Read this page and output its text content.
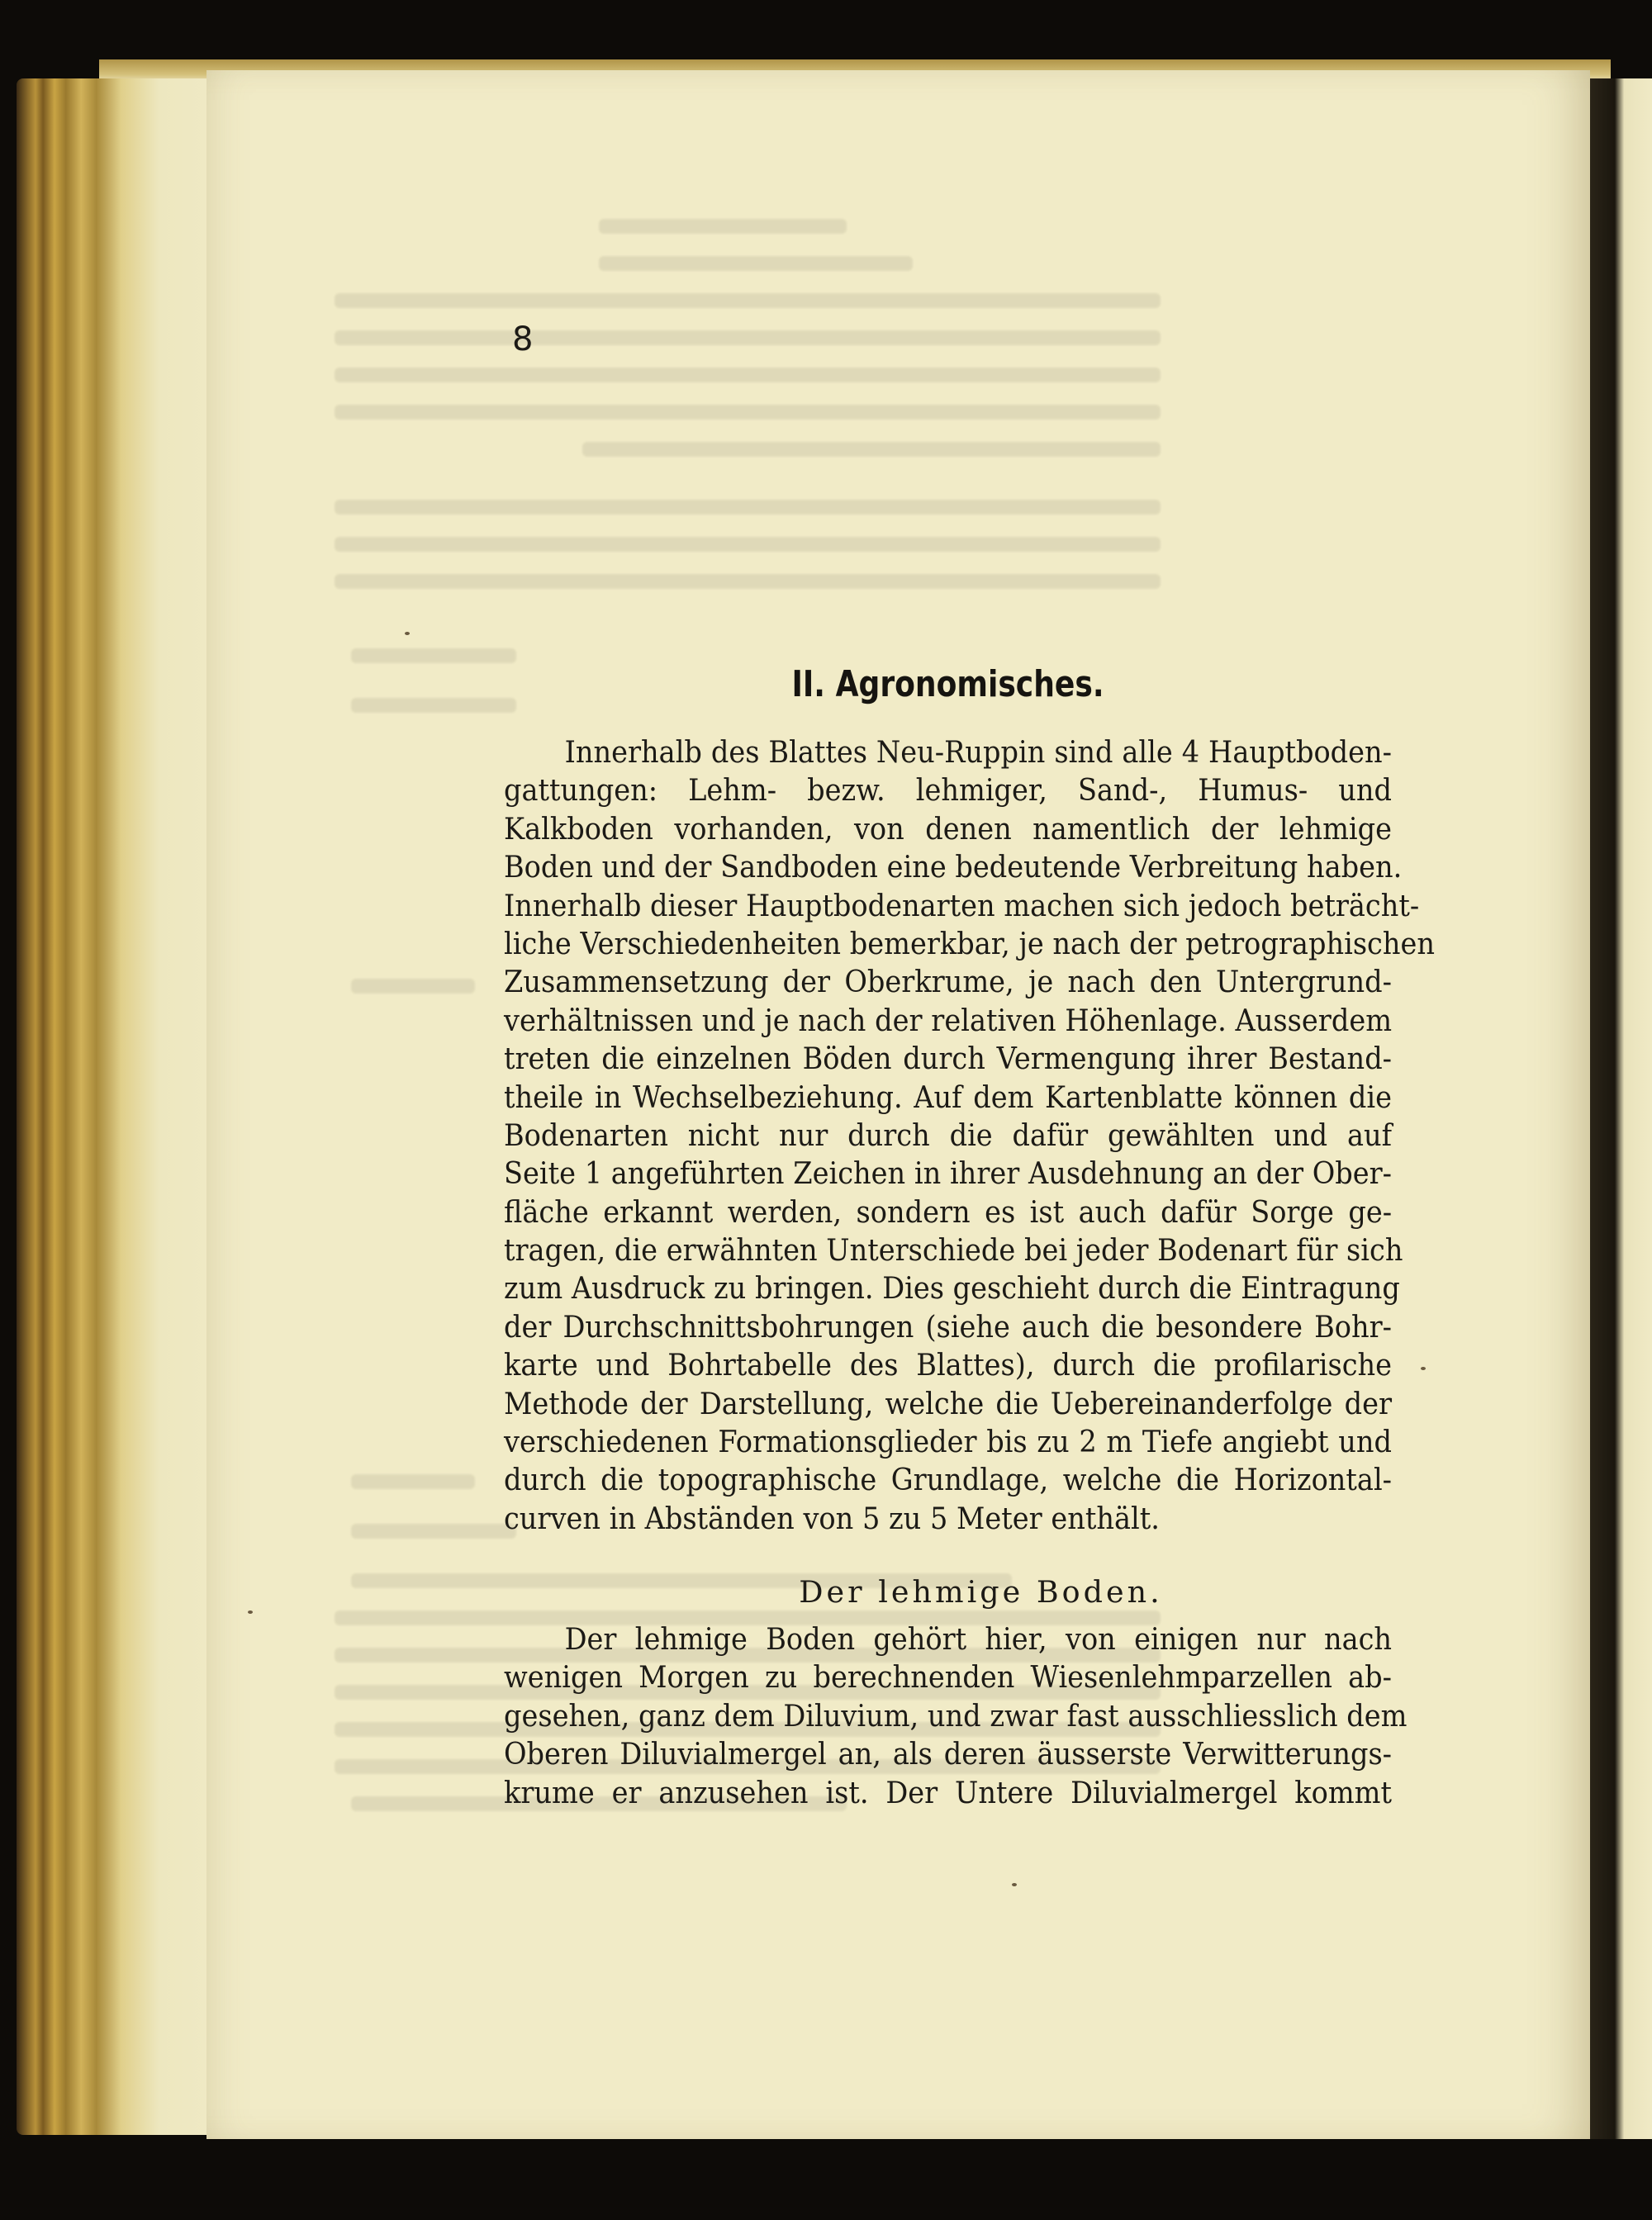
8
II. Agronomisches.
Innerhalb des Blattes Neu-Ruppin sind alle 4 Hauptboden-
gattungen: Lehm- bezw. lehmiger, Sand-, Humus- und
Kalkboden vorhanden, von denen namentlich der lehmige
Boden und der Sandboden eine bedeutende Verbreitung haben.
Innerhalb dieser Hauptbodenarten machen sich jedoch beträcht-
liche Verschiedenheiten bemerkbar, je nach der petrographischen
Zusammensetzung der Oberkrume, je nach den Untergrund-
verhältnissen und je nach der relativen Höhenlage. Ausserdem
treten die einzelnen Böden durch Vermengung ihrer Bestand-
theile in Wechselbeziehung. Auf dem Kartenblatte können die
Bodenarten nicht nur durch die dafür gewählten und auf
Seite 1 angeführten Zeichen in ihrer Ausdehnung an der Ober-
fläche erkannt werden, sondern es ist auch dafür Sorge ge-
tragen, die erwähnten Unterschiede bei jeder Bodenart für sich
zum Ausdruck zu bringen. Dies geschieht durch die Eintragung
der Durchschnittsbohrungen (siehe auch die besondere Bohr-
karte und Bohrtabelle des Blattes), durch die profilarische
Methode der Darstellung, welche die Uebereinanderfolge der
verschiedenen Formationsglieder bis zu 2 m Tiefe angiebt und
durch die topographische Grundlage, welche die Horizontal-
curven in Abständen von 5 zu 5 Meter enthält.
Der lehmige Boden.
Der lehmige Boden gehört hier, von einigen nur nach
wenigen Morgen zu berechnenden Wiesenlehmparzellen ab-
gesehen, ganz dem Diluvium, und zwar fast ausschliesslich dem
Oberen Diluvialmergel an, als deren äusserste Verwitterungs-
krume er anzusehen ist. Der Untere Diluvialmergel kommt
